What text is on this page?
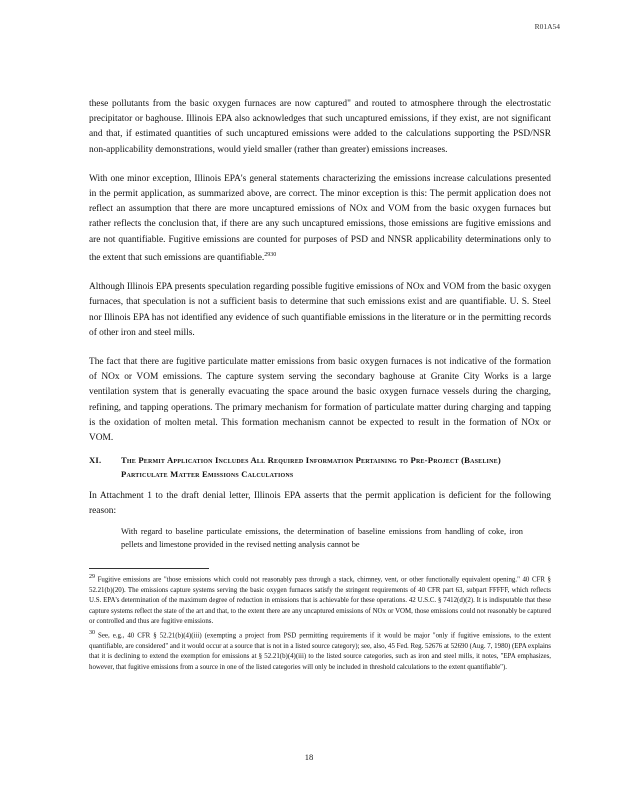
R01A54

these pollutants from the basic oxygen furnaces are now captured" and routed to atmosphere through the electrostatic precipitator or baghouse. Illinois EPA also acknowledges that such uncaptured emissions, if they exist, are not significant and that, if estimated quantities of such uncaptured emissions were added to the calculations supporting the PSD/NSR non-applicability demonstrations, would yield smaller (rather than greater) emissions increases.

With one minor exception, Illinois EPA's general statements characterizing the emissions increase calculations presented in the permit application, as summarized above, are correct. The minor exception is this: The permit application does not reflect an assumption that there are more uncaptured emissions of NOx and VOM from the basic oxygen furnaces but rather reflects the conclusion that, if there are any such uncaptured emissions, those emissions are fugitive emissions and are not quantifiable. Fugitive emissions are counted for purposes of PSD and NNSR applicability determinations only to the extent that such emissions are quantifiable.$^{2930}$

Although Illinois EPA presents speculation regarding possible fugitive emissions of NOx and VOM from the basic oxygen furnaces, that speculation is not a sufficient basis to determine that such emissions exist and are quantifiable. U. S. Steel nor Illinois EPA has not identified any evidence of such quantifiable emissions in the literature or in the permitting records of other iron and steel mills.

The fact that there are fugitive particulate matter emissions from basic oxygen furnaces is not indicative of the formation of NOx or VOM emissions. The capture system serving the secondary baghouse at Granite City Works is a large ventilation system that is generally evacuating the space around the basic oxygen furnace vessels during the charging, refining, and tapping operations. The primary mechanism for formation of particulate matter during charging and tapping is the oxidation of molten metal. This formation mechanism cannot be expected to result in the formation of NOx or VOM.

XI. The Permit Application Includes All Required Information Pertaining to Pre-Project (Baseline) Particulate Matter Emissions Calculations
In Attachment 1 to the draft denial letter, Illinois EPA asserts that the permit application is deficient for the following reason:
With regard to baseline particulate emissions, the determination of baseline emissions from handling of coke, iron pellets and limestone provided in the revised netting analysis cannot be

$^{29}$ Fugitive emissions are "those emissions which could not reasonably pass through a stack, chimney, vent, or other functionally equivalent opening." 40 CFR § 52.21(b)(20). The emissions capture systems serving the basic oxygen furnaces satisfy the stringent requirements of 40 CFR part 63, subpart FFFFF, which reflects U.S. EPA's determination of the maximum degree of reduction in emissions that is achievable for these operations. 42 U.S.C. § 7412(d)(2). It is indisputable that these capture systems reflect the state of the art and that, to the extent there are any uncaptured emissions of NOx or VOM, those emissions could not reasonably be captured or controlled and thus are fugitive emissions.

$^{30}$ See, e.g., 40 CFR § 52.21(b)(4)(iii) (exempting a project from PSD permitting requirements if it would be major "only if fugitive emissions, to the extent quantifiable, are considered" and it would occur at a source that is not in a listed source category); see, also, 45 Fed. Reg. 52676 at 52690 (Aug. 7, 1980) (EPA explains that it is declining to extend the exemption for emissions at § 52.21(b)(4)(iii) to the listed source categories, such as iron and steel mills, it notes, "EPA emphasizes, however, that fugitive emissions from a source in one of the listed categories will only be included in threshold calculations to the extent quantifiable").

18
